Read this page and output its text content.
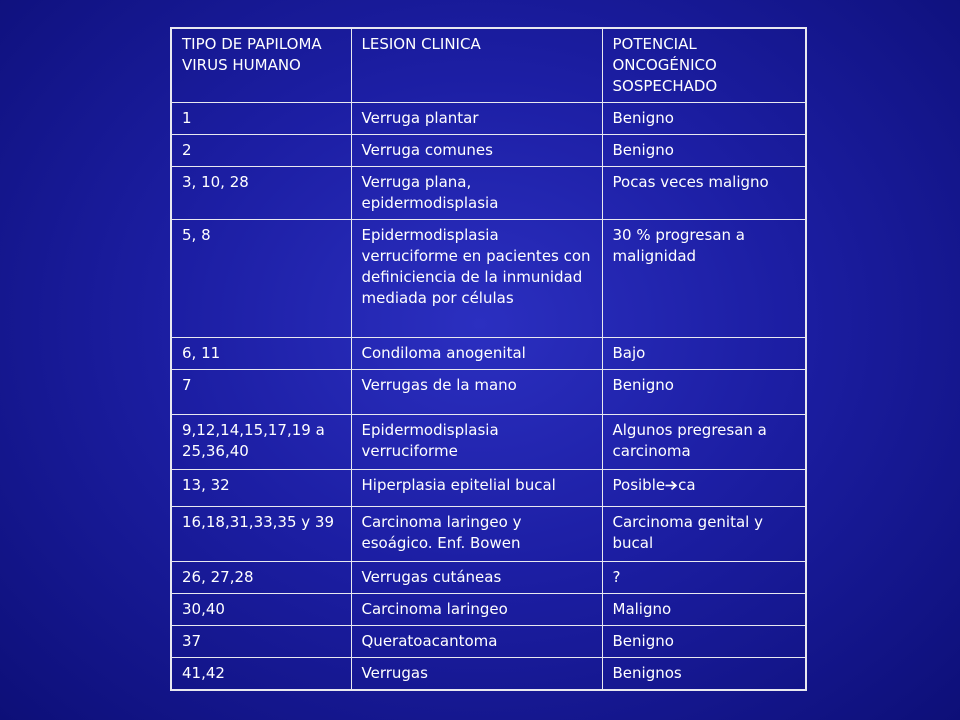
TIPO DE PAPILOMA VIRUS HUMANO	LESION CLINICA	POTENCIAL ONCOGÉNICO SOSPECHADO
1	Verruga plantar	Benigno
2	Verruga comunes	Benigno
3, 10, 28	Verruga plana, epidermodisplasia	Pocas veces maligno
5, 8	Epidermodisplasia verruciforme en pacientes con definiciencia de la inmunidad mediada por células	30 % progresan a malignidad
6, 11	Condiloma anogenital	Bajo
7	Verrugas de la mano	Benigno
9,12,14,15,17,19 a 25,36,40	Epidermodisplasia verruciforme	Algunos pregresan a carcinoma
13, 32	Hiperplasia epitelial bucal	Posible ca
16,18,31,33,35 y 39	Carcinoma laringeo y esoágico. Enf. Bowen	Carcinoma genital y bucal
26, 27,28	Verrugas cutáneas	?
30,40	Carcinoma laringeo	Maligno
37	Queratoacantoma	Benigno
41,42	Verrugas	Benignos
